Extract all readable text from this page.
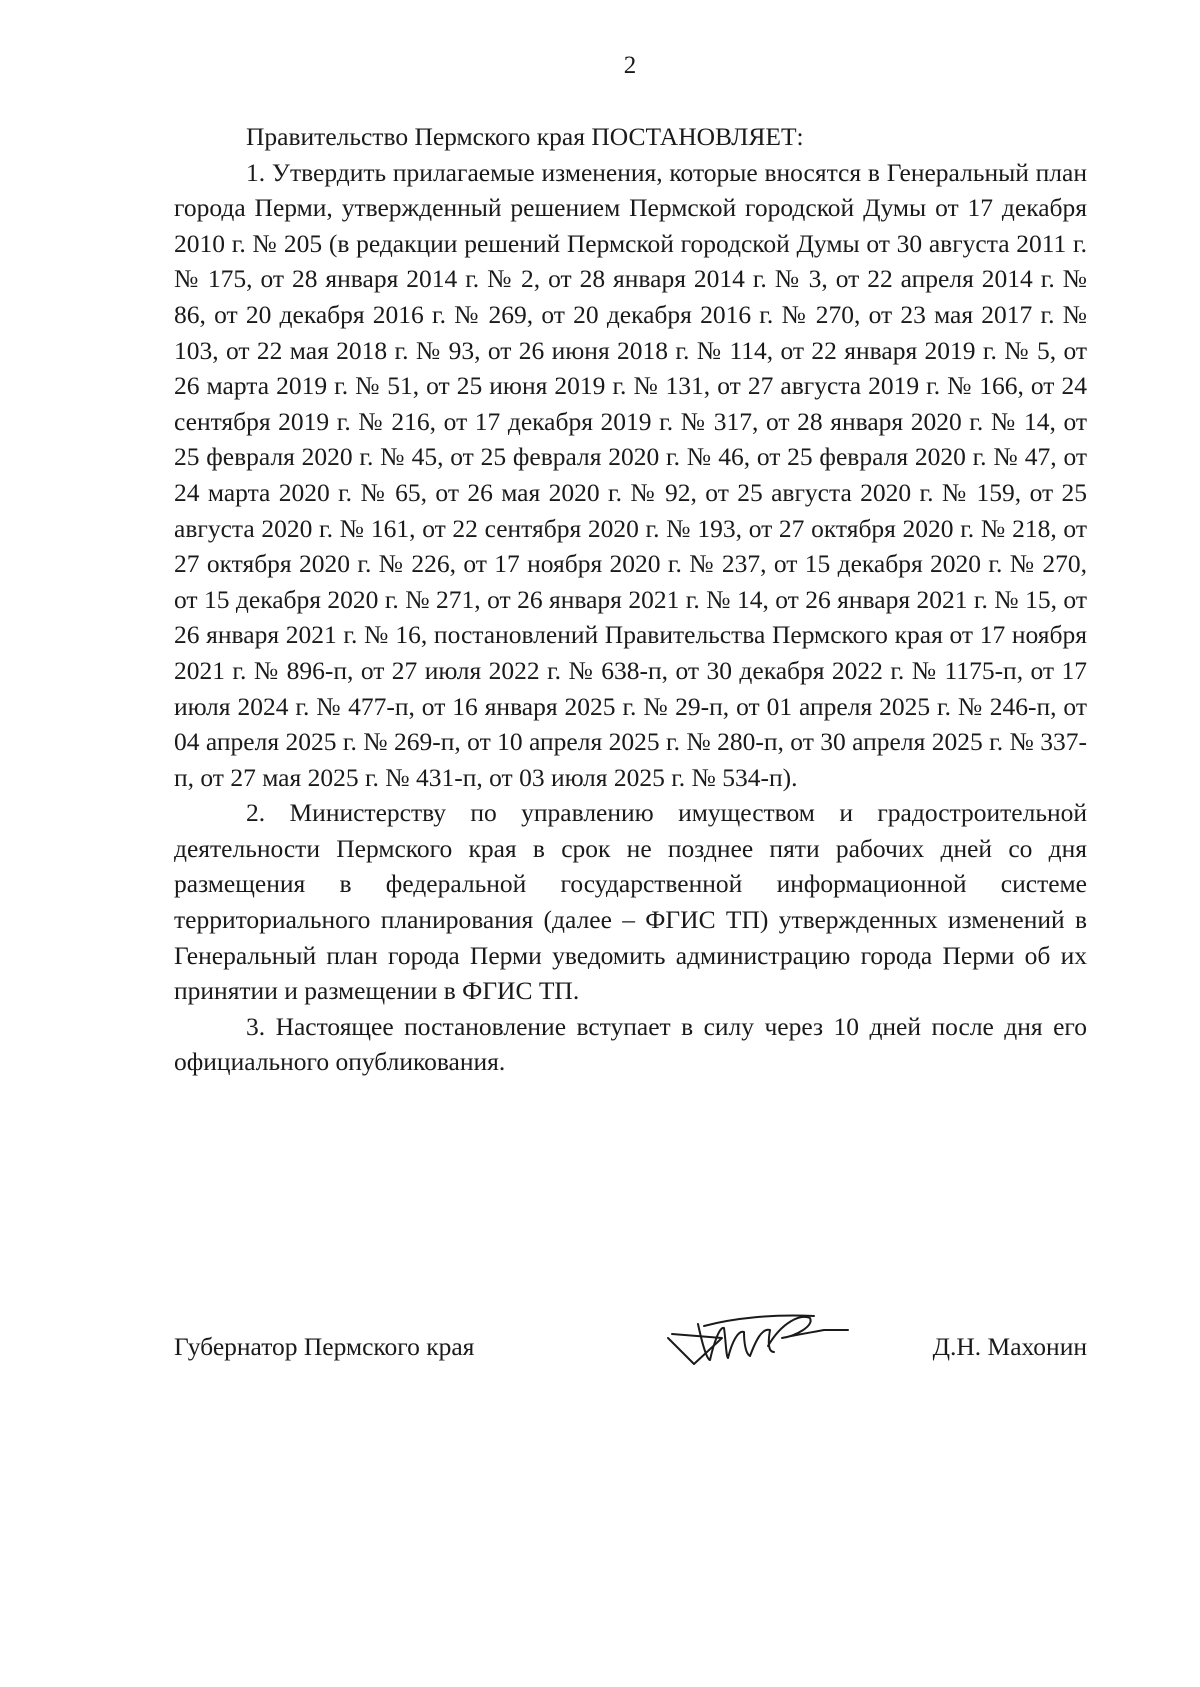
2

Правительство Пермского края ПОСТАНОВЛЯЕТ:

1. Утвердить прилагаемые изменения, которые вносятся в Генеральный план города Перми, утвержденный решением Пермской городской Думы от 17 декабря 2010 г. № 205 (в редакции решений Пермской городской Думы от 30 августа 2011 г. № 175, от 28 января 2014 г. № 2, от 28 января 2014 г. № 3, от 22 апреля 2014 г. № 86, от 20 декабря 2016 г. № 269, от 20 декабря 2016 г. № 270, от 23 мая 2017 г. № 103, от 22 мая 2018 г. № 93, от 26 июня 2018 г. № 114, от 22 января 2019 г. № 5, от 26 марта 2019 г. № 51, от 25 июня 2019 г. № 131, от 27 августа 2019 г. № 166, от 24 сентября 2019 г. № 216, от 17 декабря 2019 г. № 317, от 28 января 2020 г. № 14, от 25 февраля 2020 г. № 45, от 25 февраля 2020 г. № 46, от 25 февраля 2020 г. № 47, от 24 марта 2020 г. № 65, от 26 мая 2020 г. № 92, от 25 августа 2020 г. № 159, от 25 августа 2020 г. № 161, от 22 сентября 2020 г. № 193, от 27 октября 2020 г. № 218, от 27 октября 2020 г. № 226, от 17 ноября 2020 г. № 237, от 15 декабря 2020 г. № 270, от 15 декабря 2020 г. № 271, от 26 января 2021 г. № 14, от 26 января 2021 г. № 15, от 26 января 2021 г. № 16, постановлений Правительства Пермского края от 17 ноября 2021 г. № 896-п, от 27 июля 2022 г. № 638-п, от 30 декабря 2022 г. № 1175-п, от 17 июля 2024 г. № 477-п, от 16 января 2025 г. № 29-п, от 01 апреля 2025 г. № 246-п, от 04 апреля 2025 г. № 269-п, от 10 апреля 2025 г. № 280-п, от 30 апреля 2025 г. № 337-п, от 27 мая 2025 г. № 431-п, от 03 июля 2025 г. № 534-п).

2. Министерству по управлению имуществом и градостроительной деятельности Пермского края в срок не позднее пяти рабочих дней со дня размещения в федеральной государственной информационной системе территориального планирования (далее – ФГИС ТП) утвержденных изменений в Генеральный план города Перми уведомить администрацию города Перми об их принятии и размещении в ФГИС ТП.

3. Настоящее постановление вступает в силу через 10 дней после дня его официального опубликования.

Губернатор Пермского края	Д.Н. Махонин
